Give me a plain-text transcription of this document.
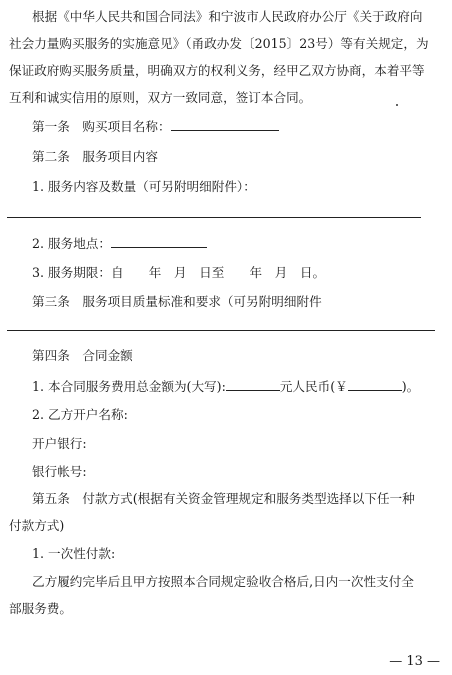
根据《中华人民共和国合同法》和宁波市人民政府办公厅《关于政府向
社会力量购买服务的实施意见》（甬政办发〔2015〕23号）等有关规定，为
保证政府购买服务质量，明确双方的权利义务，经甲乙双方协商，本着平等
互利和诚实信用的原则，双方一致同意，签订本合同。
第一条　购买项目名称：
第二条　服务项目内容
1. 服务内容及数量（可另附明细附件）：
2. 服务地点：
3. 服务期限：自　　年　月　日至　　年　月　日。
第三条　服务项目质量标准和要求（可另附明细附件
第四条　合同金额
1. 本合同服务费用总金额为(大写):	元人民币(￥	)。
2. 乙方开户名称:
开户银行:
银行帐号:
第五条　付款方式(根据有关资金管理规定和服务类型选择以下任一种
付款方式)
1. 一次性付款:
乙方履约完毕后且甲方按照本合同规定验收合格后,日内一次性支付全
部服务费。
— 13 —
